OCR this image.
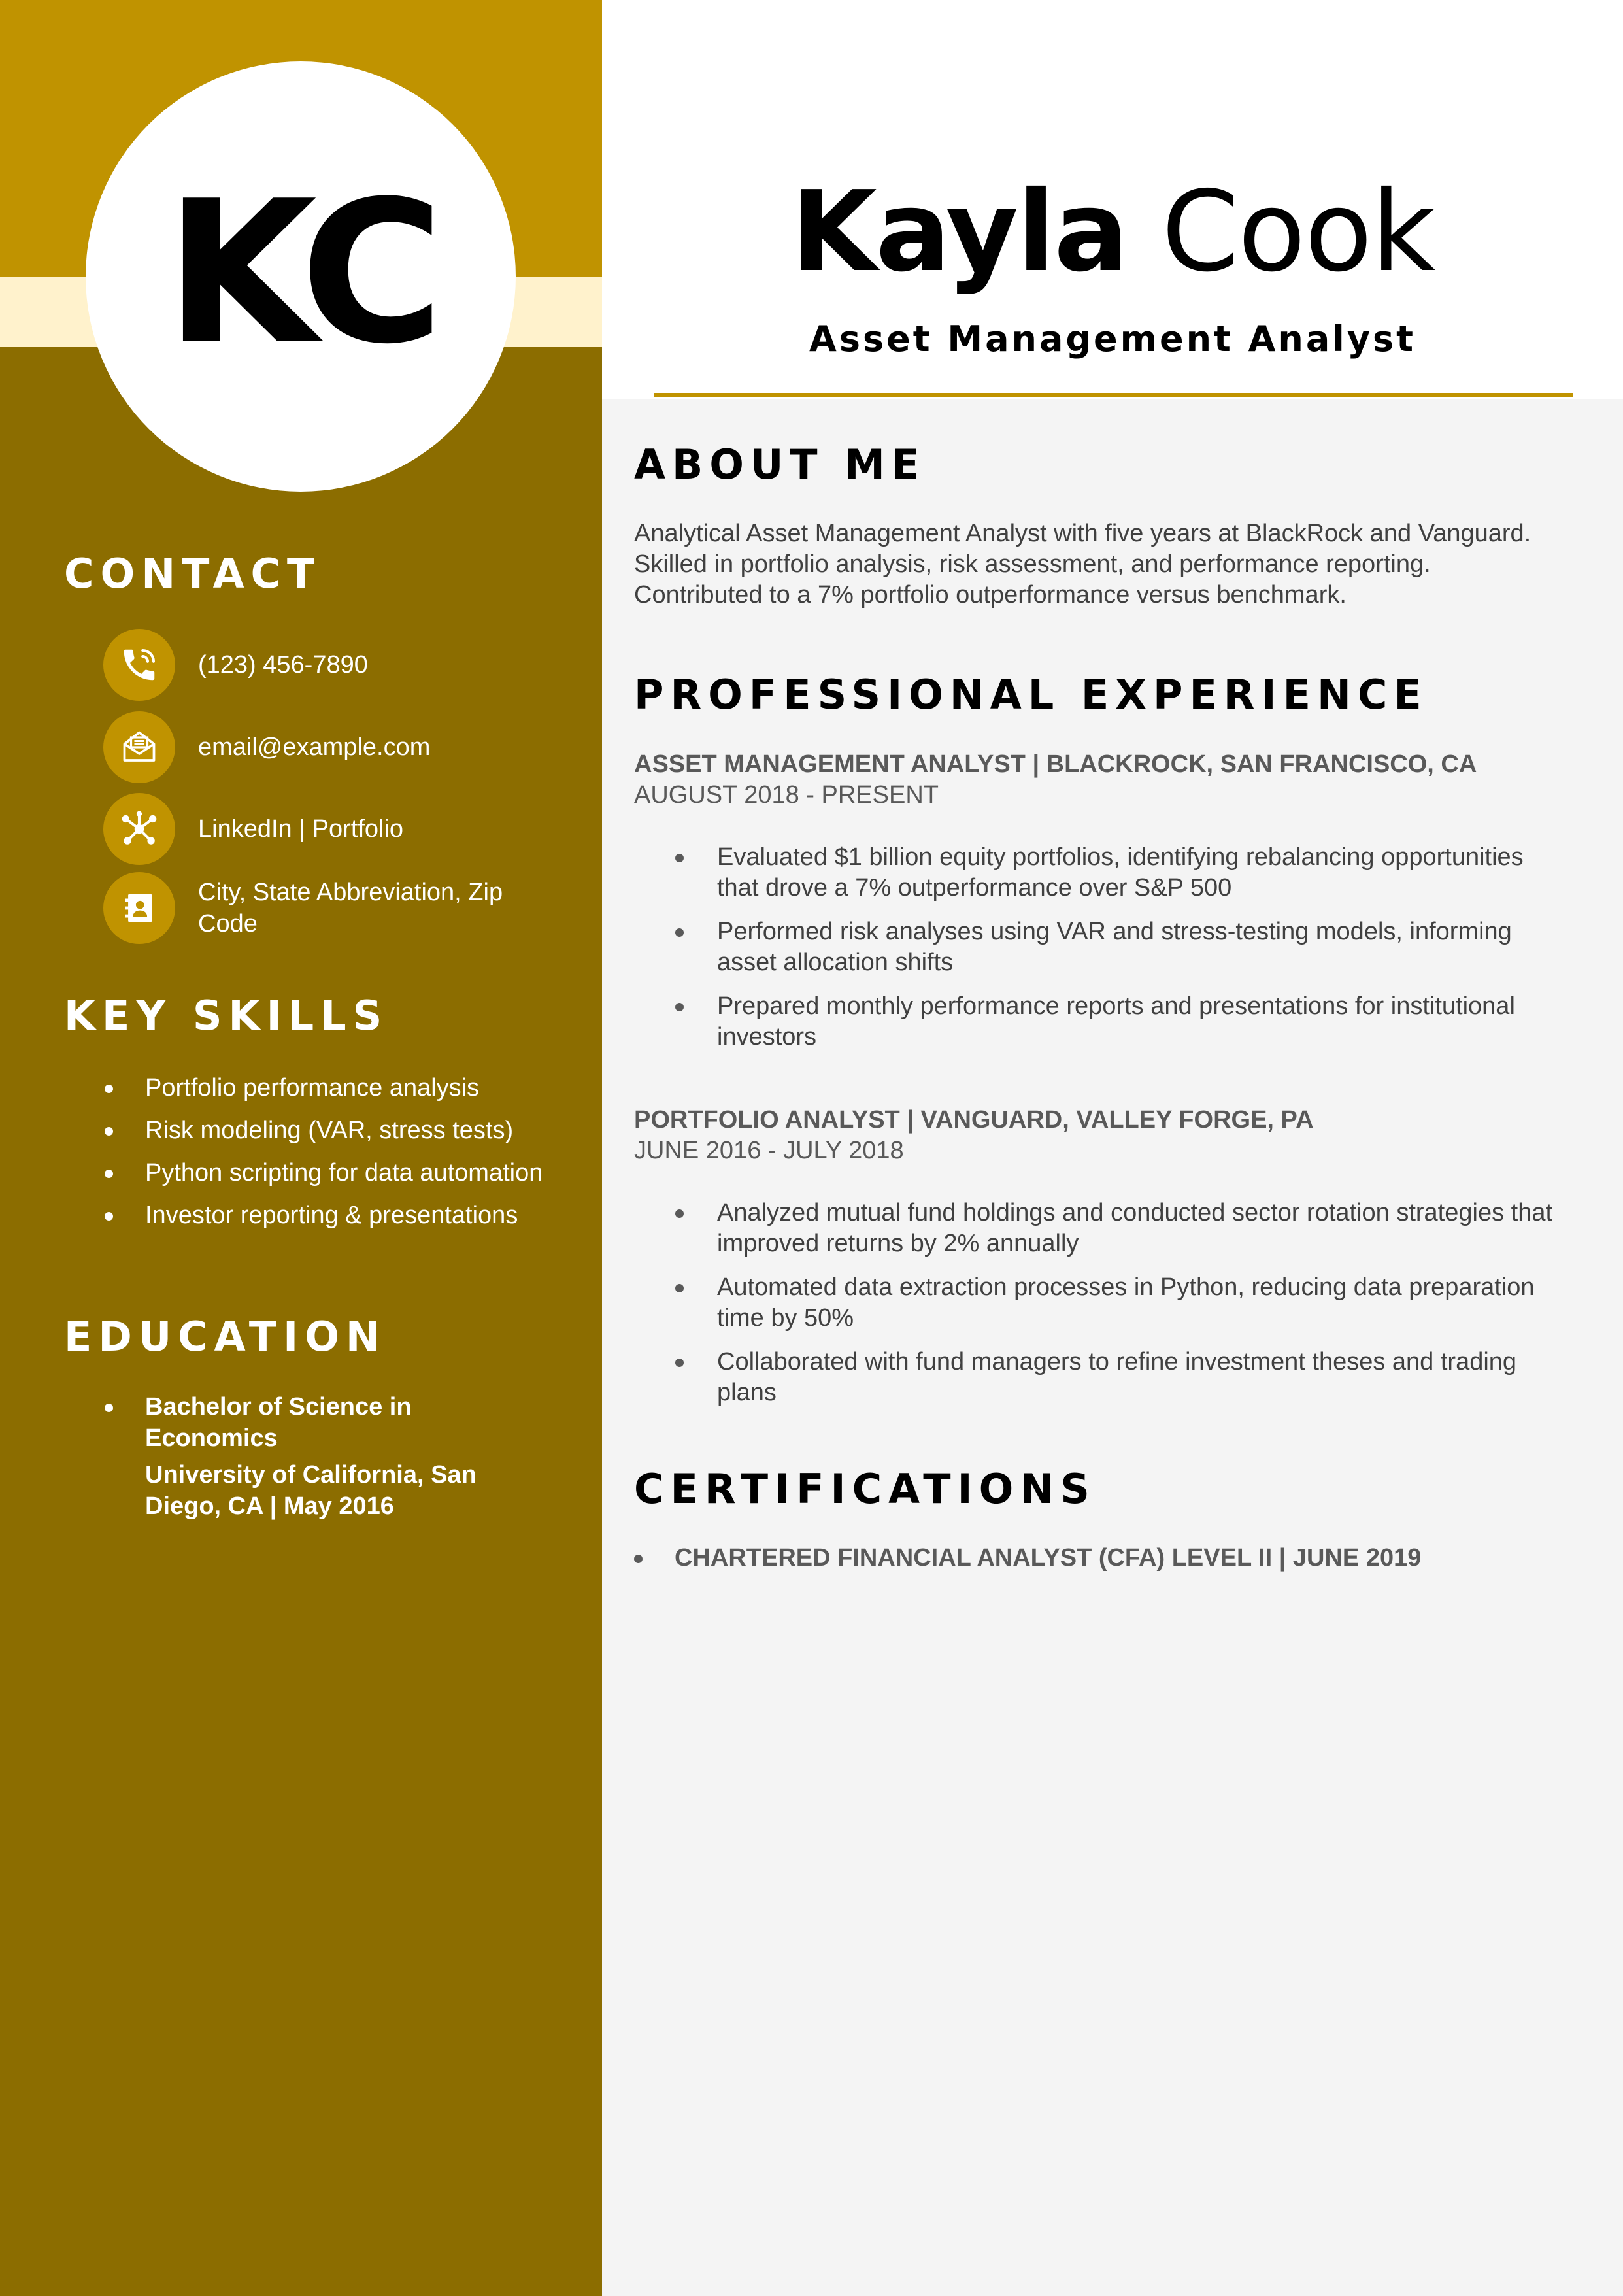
KC
CONTACT
(123) 456-7890
email@example.com
LinkedIn | Portfolio
City, State Abbreviation, Zip Code
KEY SKILLS
Portfolio performance analysis
Risk modeling (VAR, stress tests)
Python scripting for data automation
Investor reporting & presentations
EDUCATION
Bachelor of Science in Economics
University of California, San Diego, CA | May 2016
Kayla Cook
Asset Management Analyst
ABOUT ME

Analytical Asset Management Analyst with five years at BlackRock and Vanguard. Skilled in portfolio analysis, risk assessment, and performance reporting. Contributed to a 7% portfolio outperformance versus benchmark.

PROFESSIONAL EXPERIENCE
ASSET MANAGEMENT ANALYST | BLACKROCK, SAN FRANCISCO, CA
AUGUST 2018 - PRESENT
Evaluated $1 billion equity portfolios, identifying rebalancing opportunities that drove a 7% outperformance over S&P 500
Performed risk analyses using VAR and stress-testing models, informing asset allocation shifts
Prepared monthly performance reports and presentations for institutional investors
PORTFOLIO ANALYST | VANGUARD, VALLEY FORGE, PA
JUNE 2016 - JULY 2018
Analyzed mutual fund holdings and conducted sector rotation strategies that improved returns by 2% annually
Automated data extraction processes in Python, reducing data preparation time by 50%
Collaborated with fund managers to refine investment theses and trading plans
CERTIFICATIONS
CHARTERED FINANCIAL ANALYST (CFA) LEVEL II | JUNE 2019
